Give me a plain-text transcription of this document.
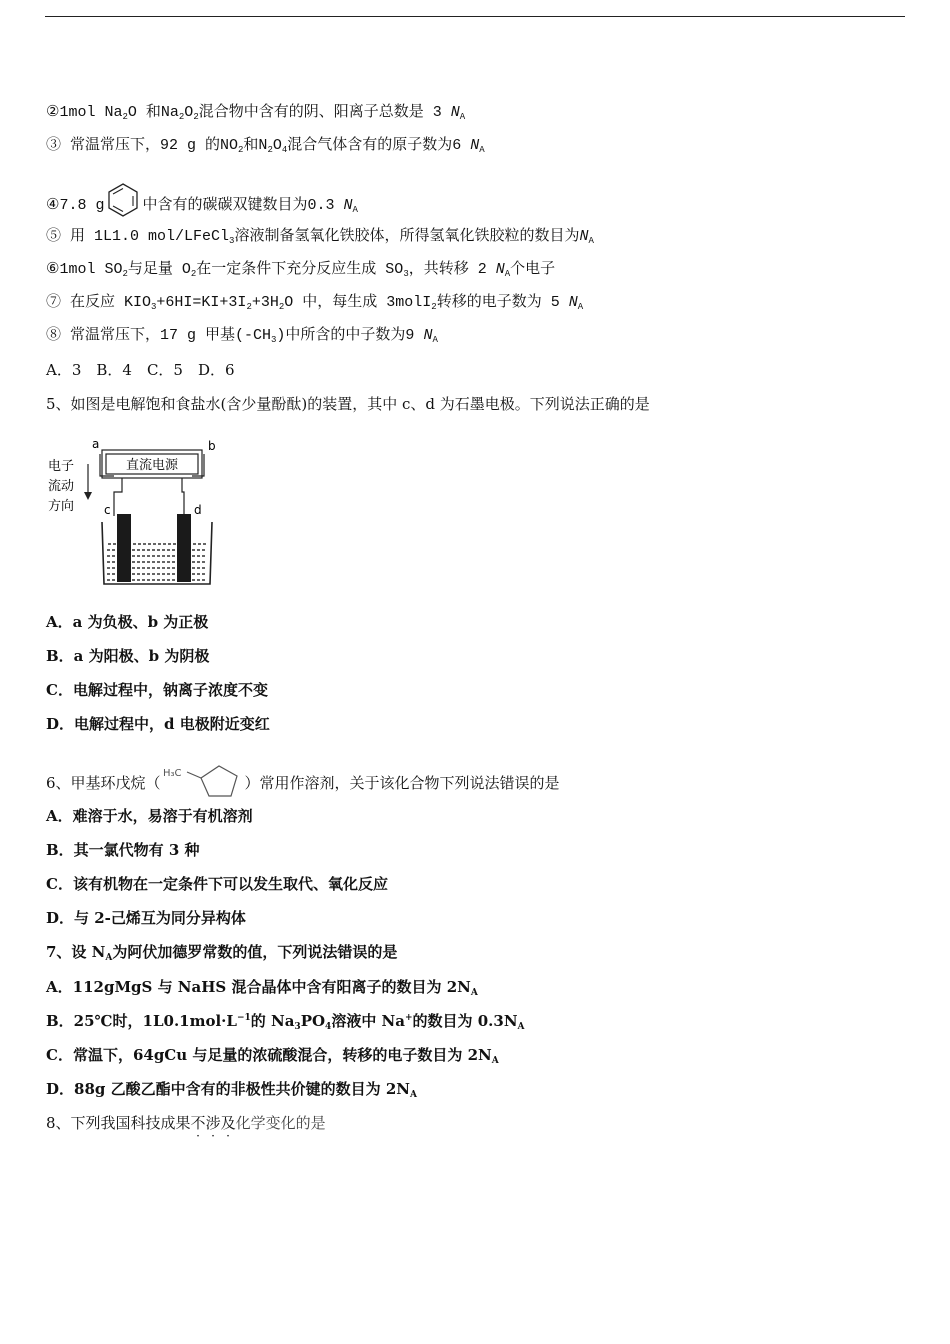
②1mol $Na_2O$ 和$Na_2O_2$混合物中含有的阴、阳离子总数是 3 $N_A$
③ 常温常压下，92 g 的$NO_2$和$N_2O_4$混合气体含有的原子数为6 $N_A$
④7.8 g	中含有的碳碳双键数目为0.3 $N_A$
⑤ 用 1L1.0 mol/LFeCl$_3$溶液制备氢氧化铁胶体，所得氢氧化铁胶粒的数目为$N_A$
⑥1mol $SO_2$与足量 $O_2$在一定条件下充分反应生成 $SO_3$，共转移 2 $N_A$个电子
⑦ 在反应 $KIO_3+6HI=KI+3I_2+3H_2O$ 中，每生成 3molI$_2$转移的电子数为 5 $N_A$
⑧ 常温常压下，17 g 甲基$(-CH_3)$中所含的中子数为9 $N_A$
A．3　B．4　C．5　D．6
5、如图是电解饱和食盐水(含少量酚酞)的装置，其中 c、d 为石墨电极。下列说法正确的是
a	b
直流电源
电子
流动
方向 c	d
A．a 为负极、b 为正极
B．a 为阳极、b 为阴极
C．电解过程中，钠离子浓度不变
D．电解过程中，d 电极附近变红
6、甲基环戊烷（
H₃C
）常用作溶剂，关于该化合物下列说法错误的是
A．难溶于水，易溶于有机溶剂
B．其一氯代物有 3 种
C．该有机物在一定条件下可以发生取代、氧化反应
D．与 2-己烯互为同分异构体
7、设 $N_A$为阿伏加德罗常数的值，下列说法错误的是
A．112gMgS 与 NaHS 混合晶体中含有阳离子的数目为 $2N_A$
B．25℃时，$1L0.1mol\cdot L^{-1}$的 $Na_3PO_4$溶液中 Na+的数目为 $0.3N_A$
C．常温下，64gCu 与足量的浓硫酸混合，转移的电子数目为 $2N_A$
D．88g 乙酸乙酯中含有的非极性共价键的数目为 $2N_A$
8、下列我国科技成果不涉及化学变化的是
